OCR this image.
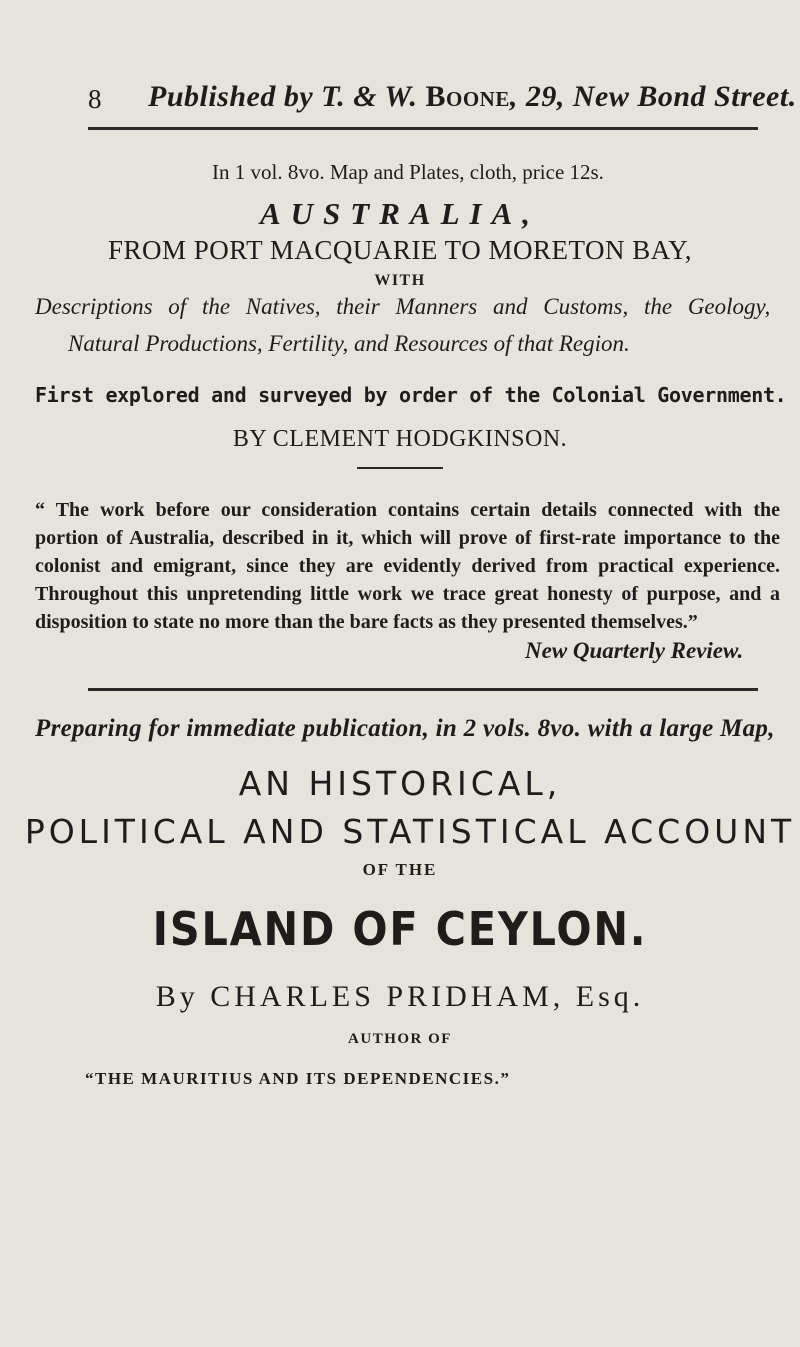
8 Published by T. & W. Boone, 29, New Bond Street.
In 1 vol. 8vo. Map and Plates, cloth, price 12s.
AUSTRALIA,
FROM PORT MACQUARIE TO MORETON BAY,
WITH
Descriptions of the Natives, their Manners and Customs, the Geology,
Natural Productions, Fertility, and Resources of that Region.
First explored and surveyed by order of the Colonial Government.
BY CLEMENT HODGKINSON.
“ The work before our consideration contains certain details connected with the portion of Australia, described in it, which will prove of first-rate importance to the colonist and emigrant, since they are evidently derived from practical experience. Throughout this unpretending little work we trace great honesty of purpose, and a disposition to state no more than the bare facts as they presented themselves.”
New Quarterly Review.
Preparing for immediate publication, in 2 vols. 8vo. with a large Map,
AN HISTORICAL,
POLITICAL AND STATISTICAL ACCOUNT
OF THE
ISLAND OF CEYLON.
By CHARLES PRIDHAM, Esq.
AUTHOR OF
“THE MAURITIUS AND ITS DEPENDENCIES.”
